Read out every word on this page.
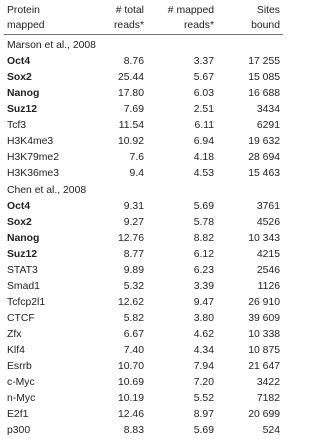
Protein	# total	# mapped	Sites
mapped	reads*	reads*	bound
Marson et al., 2008			
Oct4	8.76	3.37	17 255
Sox2	25.44	5.67	15 085
Nanog	17.80	6.03	16 688
Suz12	7.69	2.51	3434
Tcf3	11.54	6.11	6291
H3K4me3	10.92	6.94	19 632
H3K79me2	7.6	4.18	28 694
H3K36me3	9.4	4.53	15 463
Chen et al., 2008			
Oct4	9.31	5.69	3761
Sox2	9.27	5.78	4526
Nanog	12.76	8.82	10 343
Suz12	8.77	6.12	4215
STAT3	9.89	6.23	2546
Smad1	5.32	3.39	1126
Tcfcp2l1	12.62	9.47	26 910
CTCF	5.82	3.80	39 609
Zfx	6.67	4.62	10 338
Klf4	7.40	4.34	10 875
Esrrb	10.70	7.94	21 647
c-Myc	10.69	7.20	3422
n-Myc	10.19	5.52	7182
E2f1	12.46	8.97	20 699
p300	8.83	5.69	524
